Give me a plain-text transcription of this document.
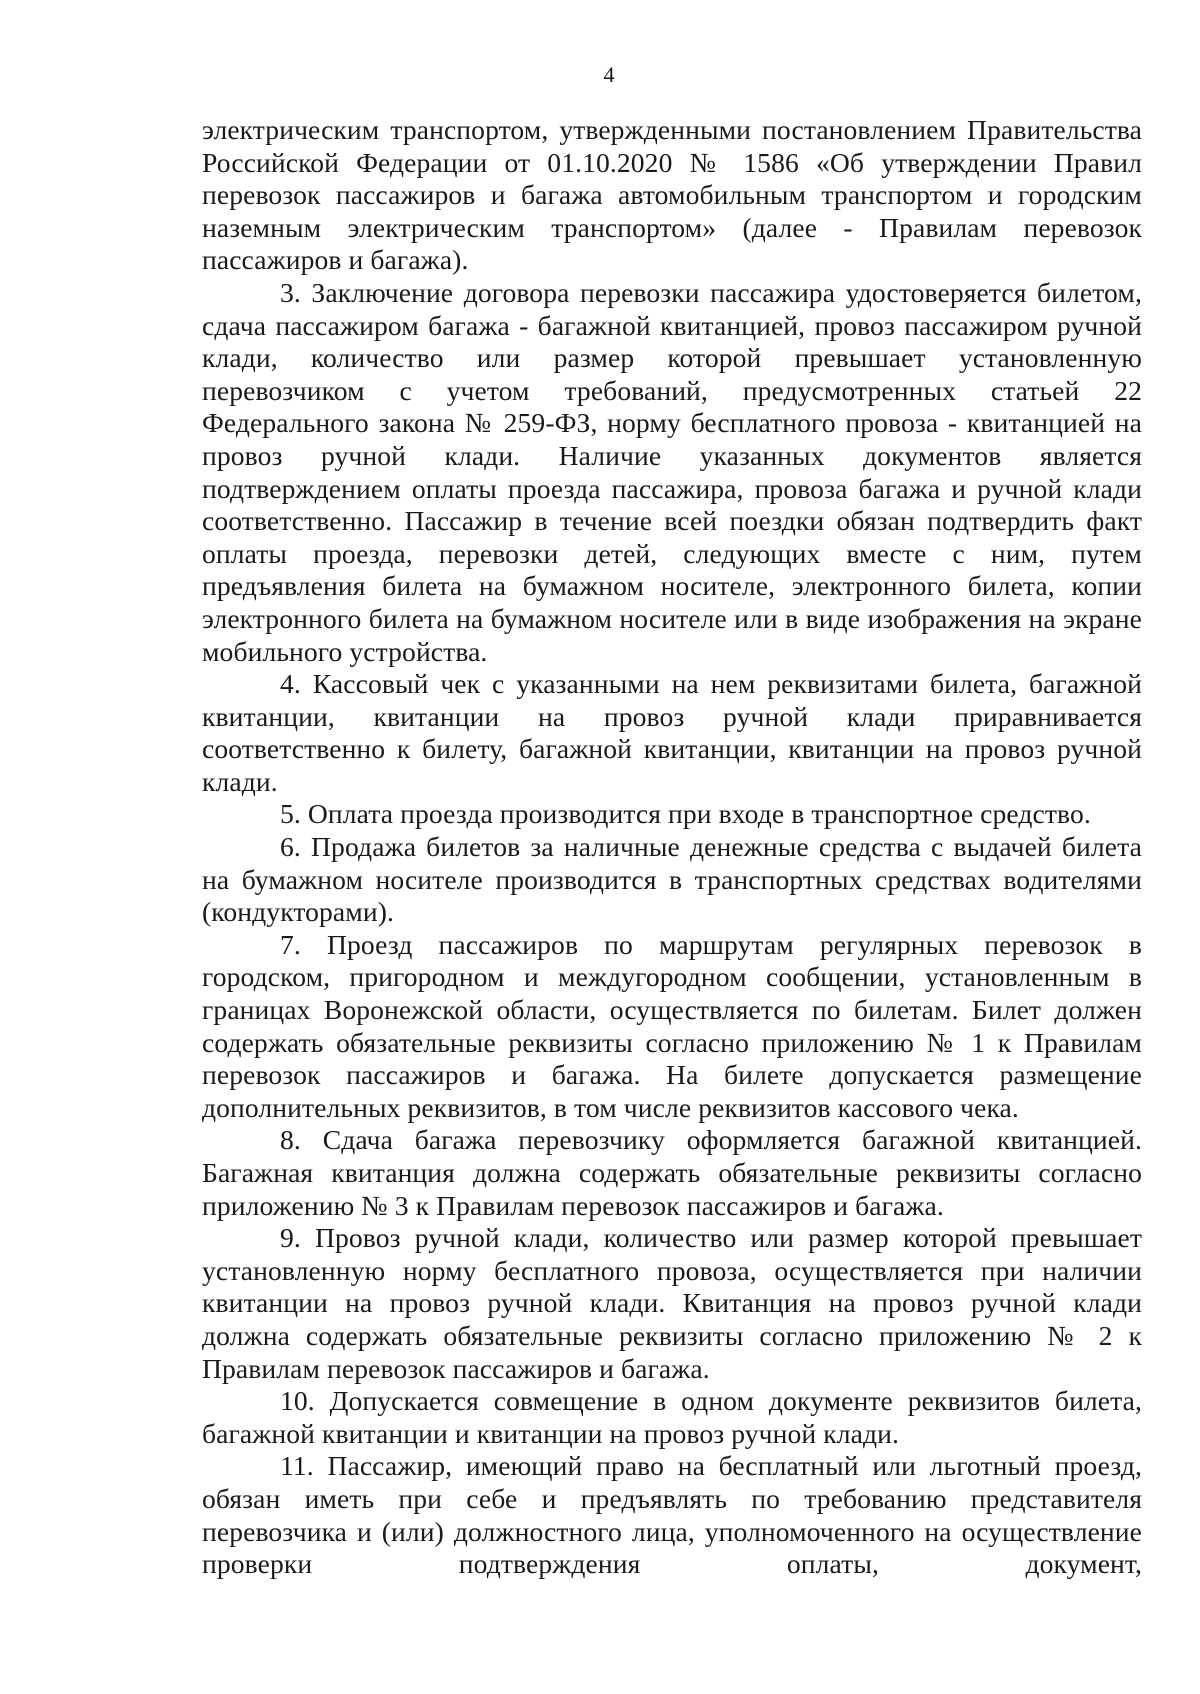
4

электрическим транспортом, утвержденными постановлением Правительства Российской Федерации от 01.10.2020 № 1586 «Об утверждении Правил перевозок пассажиров и багажа автомобильным транспортом и городским наземным электрическим транспортом» (далее - Правилам перевозок пассажиров и багажа).

3. Заключение договора перевозки пассажира удостоверяется билетом, сдача пассажиром багажа - багажной квитанцией, провоз пассажиром ручной клади, количество или размер которой превышает установленную перевозчиком с учетом требований, предусмотренных статьей 22 Федерального закона № 259-ФЗ, норму бесплатного провоза - квитанцией на провоз ручной клади. Наличие указанных документов является подтверждением оплаты проезда пассажира, провоза багажа и ручной клади соответственно. Пассажир в течение всей поездки обязан подтвердить факт оплаты проезда, перевозки детей, следующих вместе с ним, путем предъявления билета на бумажном носителе, электронного билета, копии электронного билета на бумажном носителе или в виде изображения на экране мобильного устройства.

4. Кассовый чек с указанными на нем реквизитами билета, багажной квитанции, квитанции на провоз ручной клади приравнивается соответственно к билету, багажной квитанции, квитанции на провоз ручной клади.

5. Оплата проезда производится при входе в транспортное средство.

6. Продажа билетов за наличные денежные средства с выдачей билета на бумажном носителе производится в транспортных средствах водителями (кондукторами).

7. Проезд пассажиров по маршрутам регулярных перевозок в городском, пригородном и междугородном сообщении, установленным в границах Воронежской области, осуществляется по билетам. Билет должен содержать обязательные реквизиты согласно приложению № 1 к Правилам перевозок пассажиров и багажа. На билете допускается размещение дополнительных реквизитов, в том числе реквизитов кассового чека.

8. Сдача багажа перевозчику оформляется багажной квитанцией. Багажная квитанция должна содержать обязательные реквизиты согласно приложению № 3 к Правилам перевозок пассажиров и багажа.

9. Провоз ручной клади, количество или размер которой превышает установленную норму бесплатного провоза, осуществляется при наличии квитанции на провоз ручной клади. Квитанция на провоз ручной клади должна содержать обязательные реквизиты согласно приложению № 2 к Правилам перевозок пассажиров и багажа.

10. Допускается совмещение в одном документе реквизитов билета, багажной квитанции и квитанции на провоз ручной клади.

11. Пассажир, имеющий право на бесплатный или льготный проезд, обязан иметь при себе и предъявлять по требованию представителя перевозчика и (или) должностного лица, уполномоченного на осуществление проверки подтверждения оплаты, документ,
